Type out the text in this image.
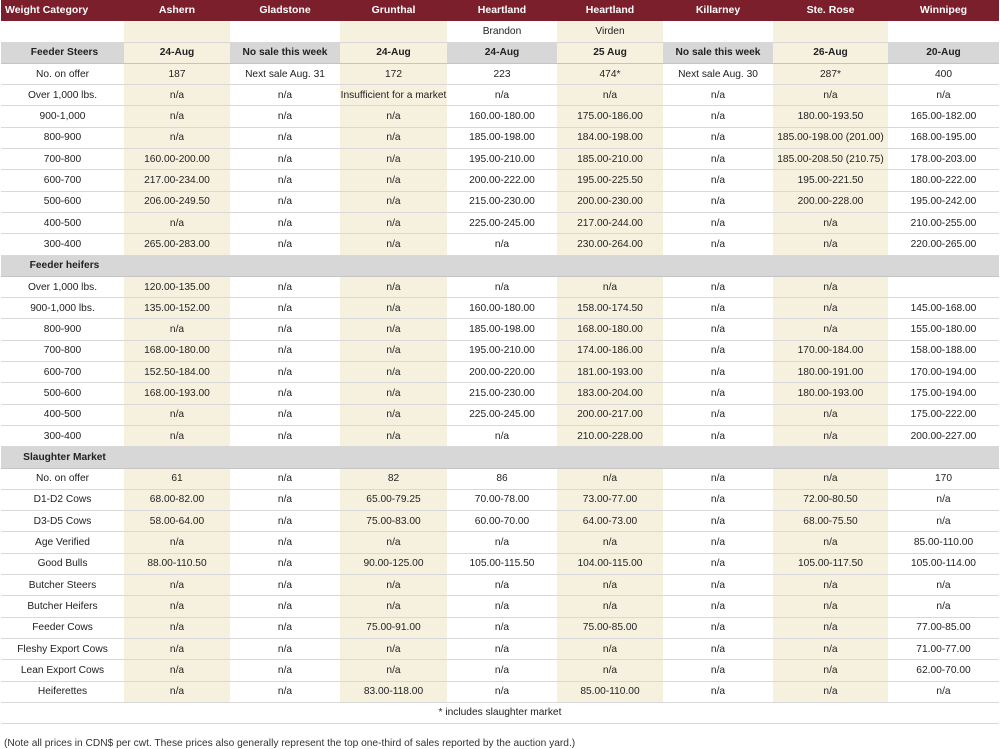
Weight Category	Ashern	Gladstone	Grunthal	Heartland	Heartland	Killarney	Ste. Rose	Winnipeg
				Brandon	Virden			
Feeder Steers	24-Aug	No sale this week	24-Aug	24-Aug	25 Aug	No sale this week	26-Aug	20-Aug
No. on offer	187	Next sale Aug. 31	172	223	474*	Next sale Aug. 30	287*	400
Over 1,000 lbs.	n/a	n/a	Insufficient for a market	n/a	n/a	n/a	n/a	n/a
900-1,000	n/a	n/a	n/a	160.00-180.00	175.00-186.00	n/a	180.00-193.50	165.00-182.00
800-900	n/a	n/a	n/a	185.00-198.00	184.00-198.00	n/a	185.00-198.00 (201.00)	168.00-195.00
700-800	160.00-200.00	n/a	n/a	195.00-210.00	185.00-210.00	n/a	185.00-208.50 (210.75)	178.00-203.00
600-700	217.00-234.00	n/a	n/a	200.00-222.00	195.00-225.50	n/a	195.00-221.50	180.00-222.00
500-600	206.00-249.50	n/a	n/a	215.00-230.00	200.00-230.00	n/a	200.00-228.00	195.00-242.00
400-500	n/a	n/a	n/a	225.00-245.00	217.00-244.00	n/a	n/a	210.00-255.00
300-400	265.00-283.00	n/a	n/a	n/a	230.00-264.00	n/a	n/a	220.00-265.00
Feeder heifers								
Over 1,000 lbs.	120.00-135.00	n/a	n/a	n/a	n/a	n/a	n/a	
900-1,000 lbs.	135.00-152.00	n/a	n/a	160.00-180.00	158.00-174.50	n/a	n/a	145.00-168.00
800-900	n/a	n/a	n/a	185.00-198.00	168.00-180.00	n/a	n/a	155.00-180.00
700-800	168.00-180.00	n/a	n/a	195.00-210.00	174.00-186.00	n/a	170.00-184.00	158.00-188.00
600-700	152.50-184.00	n/a	n/a	200.00-220.00	181.00-193.00	n/a	180.00-191.00	170.00-194.00
500-600	168.00-193.00	n/a	n/a	215.00-230.00	183.00-204.00	n/a	180.00-193.00	175.00-194.00
400-500	n/a	n/a	n/a	225.00-245.00	200.00-217.00	n/a	n/a	175.00-222.00
300-400	n/a	n/a	n/a	n/a	210.00-228.00	n/a	n/a	200.00-227.00
Slaughter Market								
No. on offer	61	n/a	82	86	n/a	n/a	n/a	170
D1-D2 Cows	68.00-82.00	n/a	65.00-79.25	70.00-78.00	73.00-77.00	n/a	72.00-80.50	n/a
D3-D5 Cows	58.00-64.00	n/a	75.00-83.00	60.00-70.00	64.00-73.00	n/a	68.00-75.50	n/a
Age Verified	n/a	n/a	n/a	n/a	n/a	n/a	n/a	85.00-110.00
Good Bulls	88.00-110.50	n/a	90.00-125.00	105.00-115.50	104.00-115.00	n/a	105.00-117.50	105.00-114.00
Butcher Steers	n/a	n/a	n/a	n/a	n/a	n/a	n/a	n/a
Butcher Heifers	n/a	n/a	n/a	n/a	n/a	n/a	n/a	n/a
Feeder Cows	n/a	n/a	75.00-91.00	n/a	75.00-85.00	n/a	n/a	77.00-85.00
Fleshy Export Cows	n/a	n/a	n/a	n/a	n/a	n/a	n/a	71.00-77.00
Lean Export Cows	n/a	n/a	n/a	n/a	n/a	n/a	n/a	62.00-70.00
Heiferettes	n/a	n/a	83.00-118.00	n/a	85.00-110.00	n/a	n/a	n/a
* includes slaughter market								
(Note all prices in CDN$ per cwt. These prices also generally represent the top one-third of sales reported by the auction yard.)
